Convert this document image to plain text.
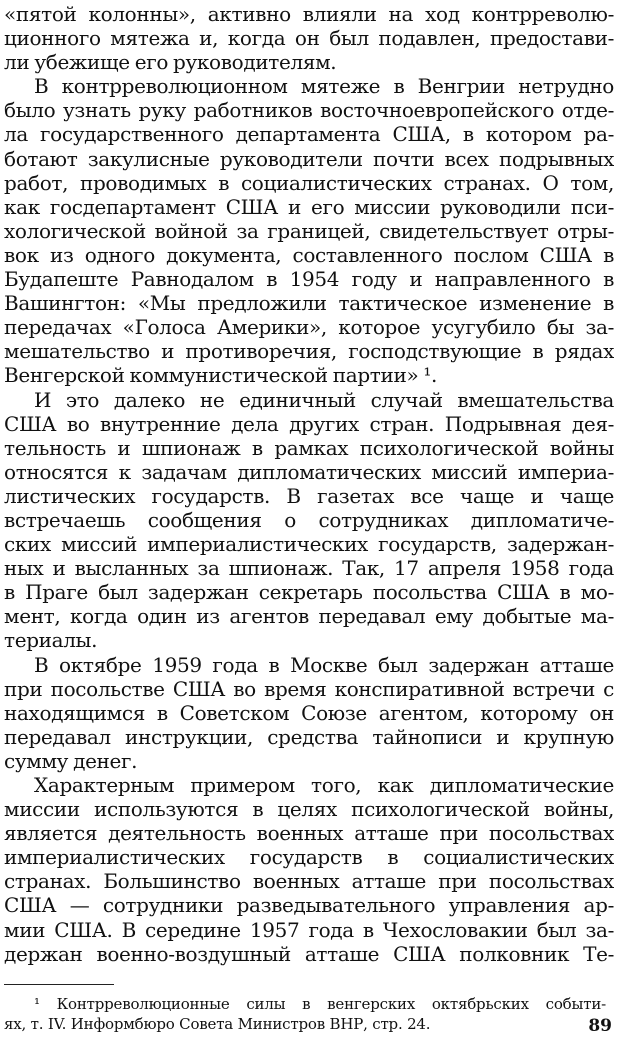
«пятой колонны», активно влияли на ход контрреволю-
ционного мятежа и, когда он был подавлен, предостави-
ли убежище его руководителям.
В контрреволюционном мятеже в Венгрии нетрудно
было узнать руку работников восточноевропейского отде-
ла государственного департамента США, в котором ра-
ботают закулисные руководители почти всех подрывных
работ, проводимых в социалистических странах. О том,
как госдепартамент США и его миссии руководили пси-
хологической войной за границей, свидетельствует отры-
вок из одного документа, составленного послом США в
Будапеште Равнодалом в 1954 году и направленного в
Вашингтон: «Мы предложили тактическое изменение в
передачах «Голоса Америки», которое усугубило бы за-
мешательство и противоречия, господствующие в рядах
Венгерской коммунистической партии» ¹.
И это далеко не единичный случай вмешательства
США во внутренние дела других стран. Подрывная дея-
тельность и шпионаж в рамках психологической войны
относятся к задачам дипломатических миссий империа-
листических государств. В газетах все чаще и чаще
встречаешь сообщения о сотрудниках дипломатиче-
ских миссий империалистических государств, задержан-
ных и высланных за шпионаж. Так, 17 апреля 1958 года
в Праге был задержан секретарь посольства США в мо-
мент, когда один из агентов передавал ему добытые ма-
териалы.
В октябре 1959 года в Москве был задержан атташе
при посольстве США во время конспиративной встречи с
находящимся в Советском Союзе агентом, которому он
передавал инструкции, средства тайнописи и крупную
сумму денег.
Характерным примером того, как дипломатические
миссии используются в целях психологической войны,
является деятельность военных атташе при посольствах
империалистических государств в социалистических
странах. Большинство военных атташе при посольствах
США — сотрудники разведывательного управления ар-
мии США. В середине 1957 года в Чехословакии был за-
держан военно-воздушный атташе США полковник Те-
¹ Контрреволюционные силы в венгерских октябрьских событи-
ях, т. IV. Информбюро Совета Министров ВНР, стр. 24.	89
